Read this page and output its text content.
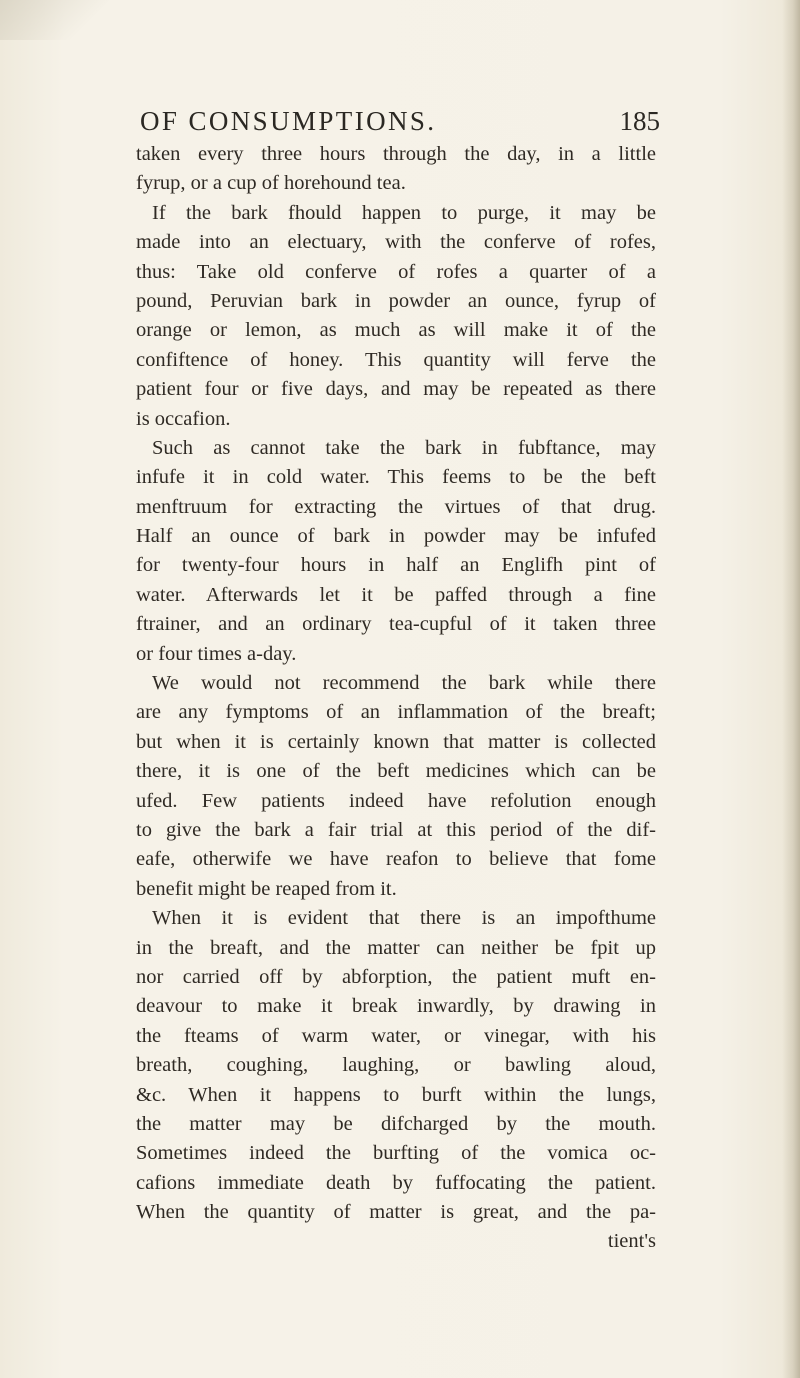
OF CONSUMPTIONS.	185
taken every three hours through the day, in a little
fyrup, or a cup of horehound tea.
If the bark fhould happen to purge, it may be
made into an electuary, with the conferve of rofes,
thus: Take old conferve of rofes a quarter of a
pound, Peruvian bark in powder an ounce, fyrup of
orange or lemon, as much as will make it of the
confiftence of honey. This quantity will ferve the
patient four or five days, and may be repeated as there
is occafion.
Such as cannot take the bark in fubftance, may
infufe it in cold water. This feems to be the beft
menftruum for extracting the virtues of that drug.
Half an ounce of bark in powder may be infufed
for twenty-four hours in half an Englifh pint of
water. Afterwards let it be paffed through a fine
ftrainer, and an ordinary tea-cupful of it taken three
or four times a-day.
We would not recommend the bark while there
are any fymptoms of an inflammation of the breaft;
but when it is certainly known that matter is collected
there, it is one of the beft medicines which can be
ufed. Few patients indeed have refolution enough
to give the bark a fair trial at this period of the dif-
eafe, otherwife we have reafon to believe that fome
benefit might be reaped from it.
When it is evident that there is an impofthume
in the breaft, and the matter can neither be fpit up
nor carried off by abforption, the patient muft en-
deavour to make it break inwardly, by drawing in
the fteams of warm water, or vinegar, with his
breath, coughing, laughing, or bawling aloud,
&c. When it happens to burft within the lungs,
the matter may be difcharged by the mouth.
Sometimes indeed the burfting of the vomica oc-
cafions immediate death by fuffocating the patient.
When the quantity of matter is great, and the pa-
tient's
